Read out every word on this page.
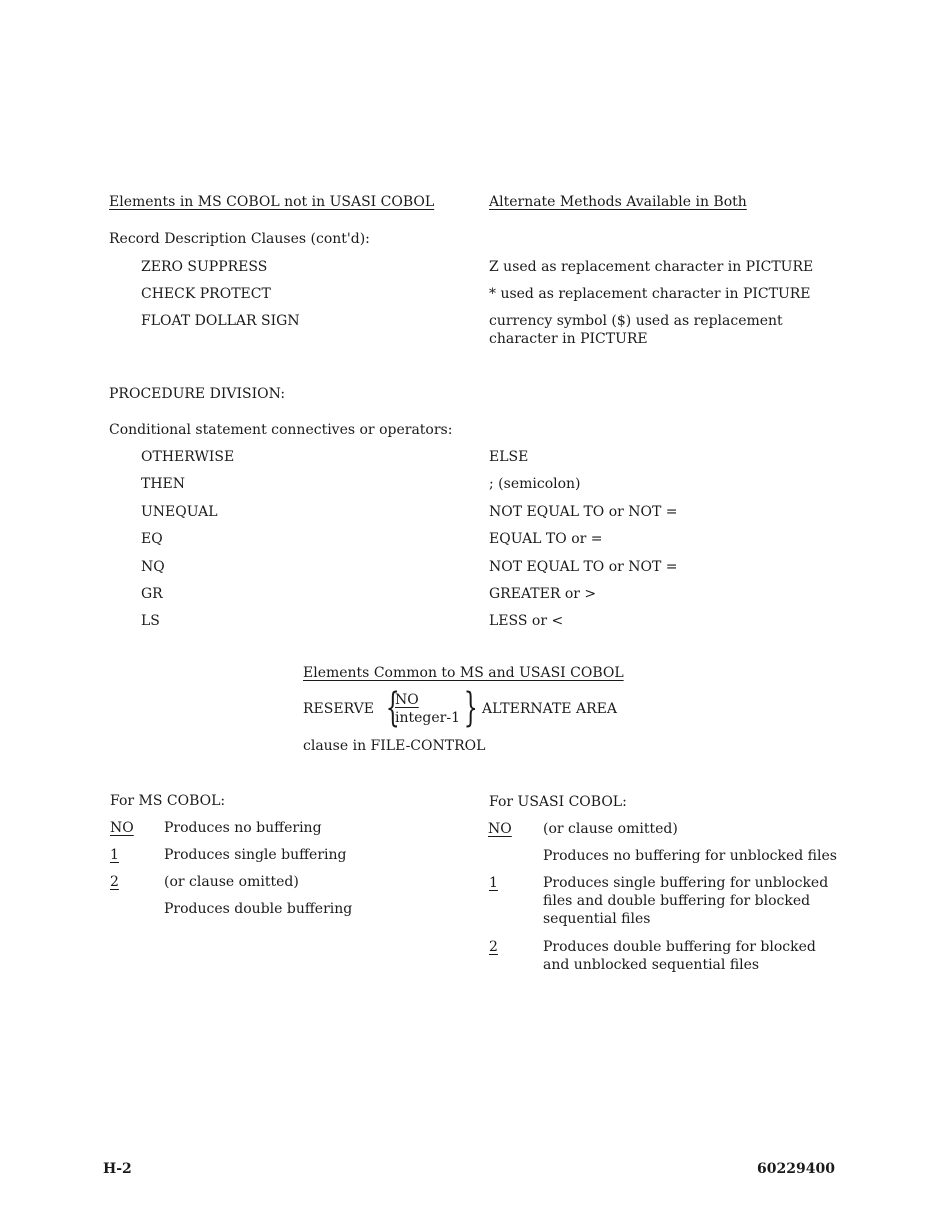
Elements in MS COBOL not in USASI COBOL	Alternate Methods Available in Both
Record Description Clauses (cont'd):
ZERO SUPPRESS	Z used as replacement character in PICTURE
CHECK PROTECT	* used as replacement character in PICTURE
FLOAT DOLLAR SIGN	currency symbol ($) used as replacement
character in PICTURE
PROCEDURE DIVISION:
Conditional statement connectives or operators:
OTHERWISE	ELSE
THEN	; (semicolon)
UNEQUAL	NOT EQUAL TO or NOT =
EQ	EQUAL TO or =
NQ	NOT EQUAL TO or NOT =
GR	GREATER or >
LS	LESS or <
Elements Common to MS and USASI COBOL
RESERVE {
NO
integer-1 } ALTERNATE AREA
clause in FILE-CONTROL
For MS COBOL:
NO Produces no buffering
1	Produces single buffering
2	(or clause omitted)
Produces double buffering
For USASI COBOL:
NO (or clause omitted)
Produces no buffering for unblocked files
1	Produces single buffering for unblocked
files and double buffering for blocked
sequential files
2	Produces double buffering for blocked
and unblocked sequential files
H-2	60229400
